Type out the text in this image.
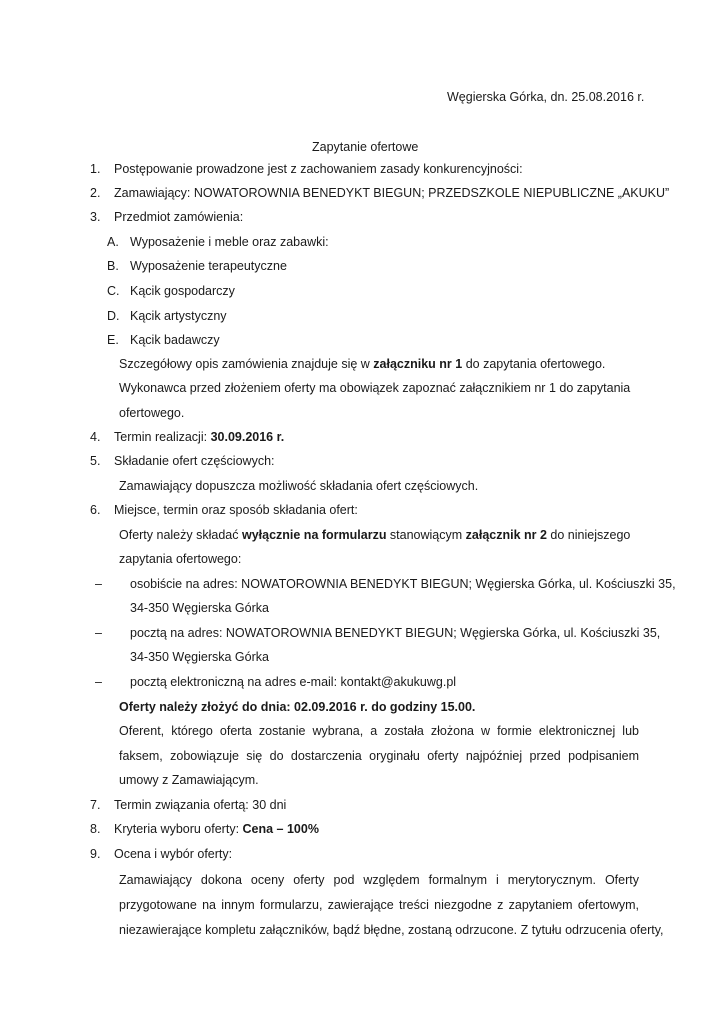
Węgierska Górka, dn. 25.08.2016 r.
Zapytanie ofertowe
1. Postępowanie prowadzone jest z zachowaniem zasady konkurencyjności:
2. Zamawiający: NOWATOROWNIA BENEDYKT BIEGUN; PRZEDSZKOLE NIEPUBLICZNE „AKUKU”
3. Przedmiot zamówienia:
A. Wyposażenie i meble oraz zabawki:
B. Wyposażenie terapeutyczne
C. Kącik gospodarczy
D. Kącik artystyczny
E. Kącik badawczy
Szczegółowy opis zamówienia znajduje się w załączniku nr 1 do zapytania ofertowego.
Wykonawca przed złożeniem oferty ma obowiązek zapoznać załącznikiem nr 1 do zapytania
ofertowego.
4. Termin realizacji: 30.09.2016 r.
5. Składanie ofert częściowych:
Zamawiający dopuszcza możliwość składania ofert częściowych.
6. Miejsce, termin oraz sposób składania ofert:
Oferty należy składać wyłącznie na formularzu stanowiącym załącznik nr 2 do niniejszego
zapytania ofertowego:
– osobiście na adres: NOWATOROWNIA BENEDYKT BIEGUN; Węgierska Górka, ul. Kościuszki 35,
34-350 Węgierska Górka
– pocztą na adres: NOWATOROWNIA BENEDYKT BIEGUN; Węgierska Górka, ul. Kościuszki 35,
34-350 Węgierska Górka
– pocztą elektroniczną na adres e-mail: kontakt@akukuwg.pl
Oferty należy złożyć do dnia: 02.09.2016 r. do godziny 15.00.
Oferent, którego oferta zostanie wybrana, a została złożona w formie elektronicznej lub
faksem, zobowiązuje się do dostarczenia oryginału oferty najpóźniej przed podpisaniem
umowy z Zamawiającym.
7. Termin związania ofertą: 30 dni
8. Kryteria wyboru oferty: Cena – 100%
9. Ocena i wybór oferty:
Zamawiający dokona oceny oferty pod względem formalnym i merytorycznym. Oferty
przygotowane na innym formularzu, zawierające treści niezgodne z zapytaniem ofertowym,
niezawierające kompletu załączników, bądź błędne, zostaną odrzucone. Z tytułu odrzucenia oferty,
